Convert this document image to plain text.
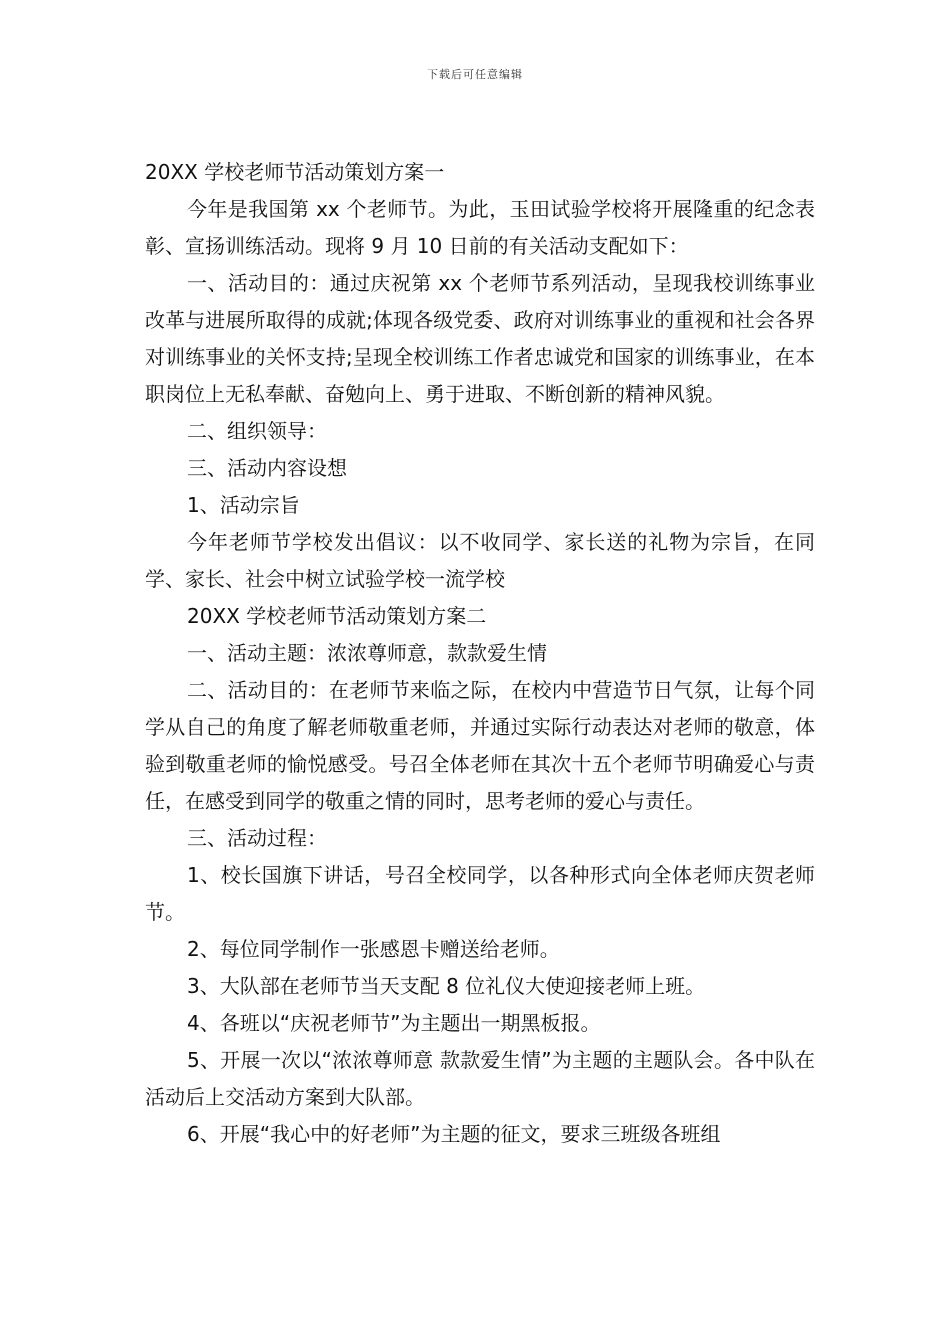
下载后可任意编辑

20XX 学校老师节活动策划方案一

今年是我国第 xx 个老师节。为此，玉田试验学校将开展隆重的纪念表彰、宣扬训练活动。现将 9 月 10 日前的有关活动支配如下：

一、活动目的：通过庆祝第 xx 个老师节系列活动，呈现我校训练事业改革与进展所取得的成就;体现各级党委、政府对训练事业的重视和社会各界对训练事业的关怀支持;呈现全校训练工作者忠诚党和国家的训练事业，在本职岗位上无私奉献、奋勉向上、勇于进取、不断创新的精神风貌。

二、组织领导：

三、活动内容设想

1、活动宗旨

今年老师节学校发出倡议：以不收同学、家长送的礼物为宗旨，在同学、家长、社会中树立试验学校一流学校

20XX 学校老师节活动策划方案二

一、活动主题：浓浓尊师意，款款爱生情

二、活动目的：在老师节来临之际，在校内中营造节日气氛，让每个同学从自己的角度了解老师敬重老师，并通过实际行动表达对老师的敬意，体验到敬重老师的愉悦感受。号召全体老师在其次十五个老师节明确爱心与责任，在感受到同学的敬重之情的同时，思考老师的爱心与责任。

三、活动过程：

1、校长国旗下讲话，号召全校同学，以各种形式向全体老师庆贺老师节。

2、每位同学制作一张感恩卡赠送给老师。

3、大队部在老师节当天支配 8 位礼仪大使迎接老师上班。

4、各班以“庆祝老师节”为主题出一期黑板报。

5、开展一次以“浓浓尊师意 款款爱生情”为主题的主题队会。各中队在活动后上交活动方案到大队部。

6、开展“我心中的好老师”为主题的征文，要求三班级各班组
